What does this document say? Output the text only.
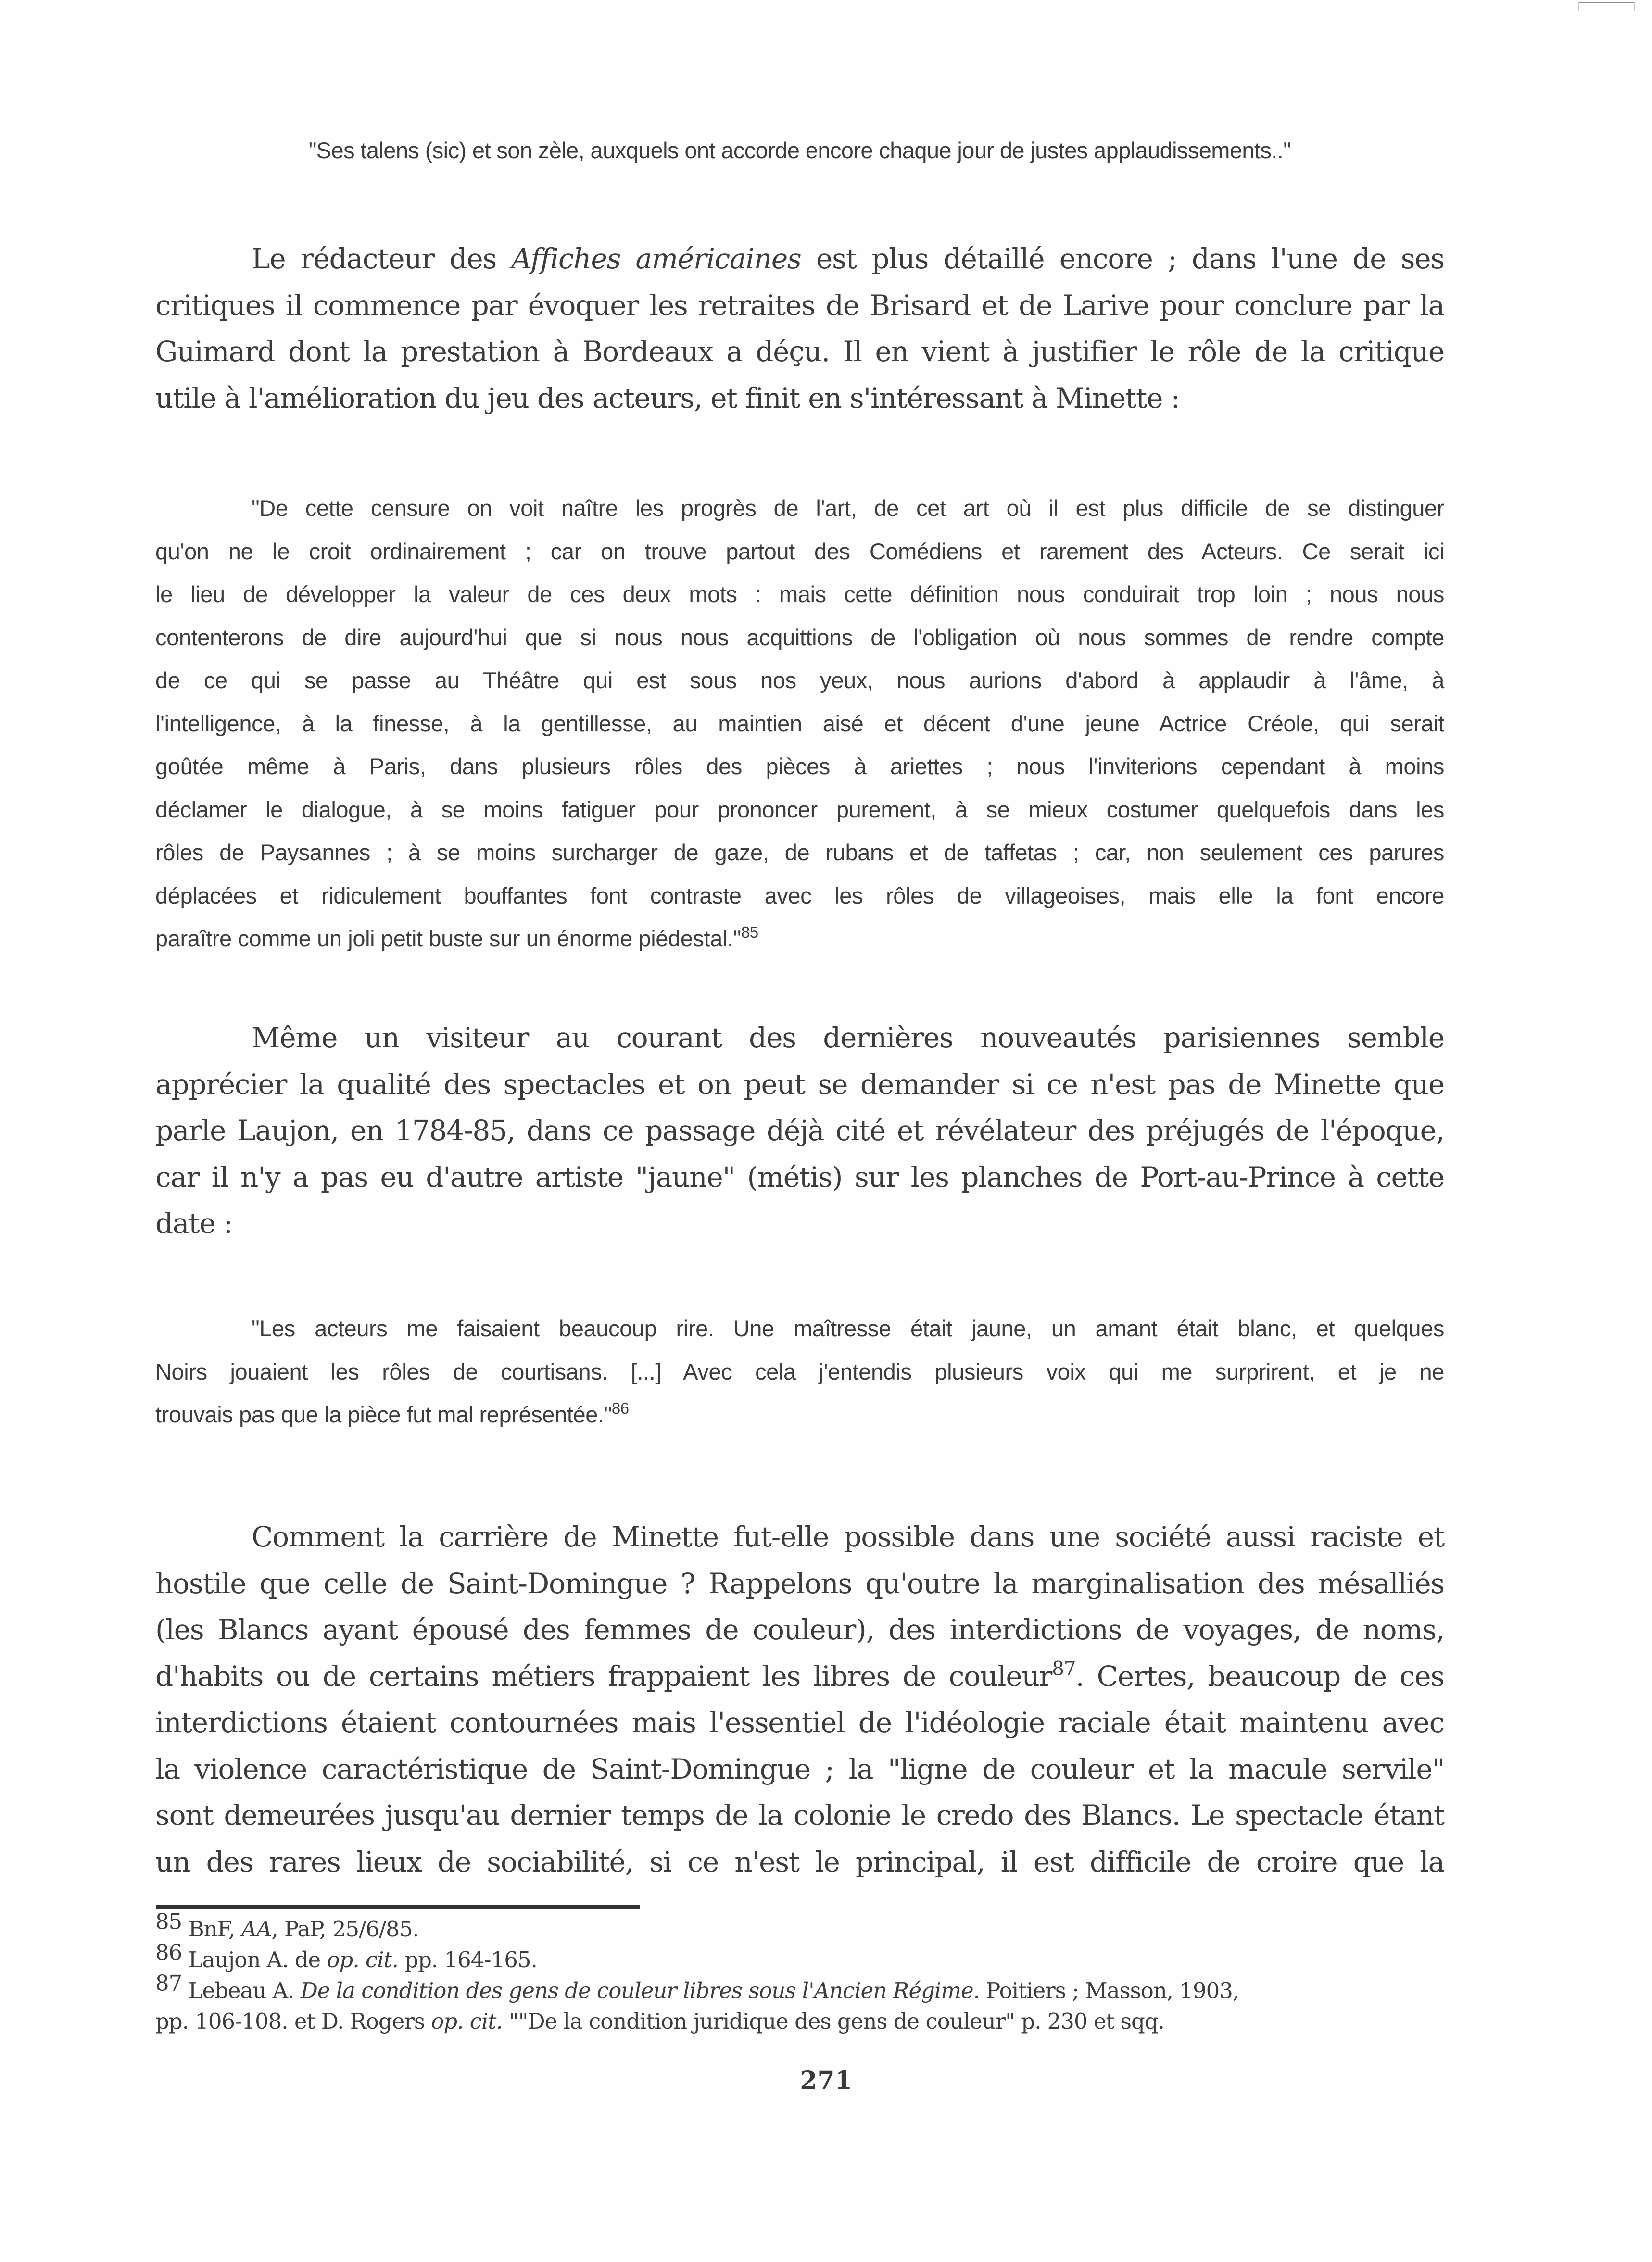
"Ses talens (sic) et son zèle, auxquels ont accorde encore chaque jour de justes applaudissements.."
Le rédacteur des Affiches américaines est plus détaillé encore ; dans l'une de ses
critiques il commence par évoquer les retraites de Brisard et de Larive pour conclure par la
Guimard dont la prestation à Bordeaux a déçu. Il en vient à justifier le rôle de la critique
utile à l'amélioration du jeu des acteurs, et finit en s'intéressant à Minette :
"De cette censure on voit naître les progrès de l'art, de cet art où il est plus difficile de se distinguer
qu'on ne le croit ordinairement ; car on trouve partout des Comédiens et rarement des Acteurs. Ce serait ici
le lieu de développer la valeur de ces deux mots : mais cette définition nous conduirait trop loin ; nous nous
contenterons de dire aujourd'hui que si nous nous acquittions de l'obligation où nous sommes de rendre compte
de ce qui se passe au Théâtre qui est sous nos yeux, nous aurions d'abord à applaudir à l'âme, à
l'intelligence, à la finesse, à la gentillesse, au maintien aisé et décent d'une jeune Actrice Créole, qui serait
goûtée même à Paris, dans plusieurs rôles des pièces à ariettes ; nous l'inviterions cependant à moins
déclamer le dialogue, à se moins fatiguer pour prononcer purement, à se mieux costumer quelquefois dans les
rôles de Paysannes ; à se moins surcharger de gaze, de rubans et de taffetas ; car, non seulement ces parures
déplacées et ridiculement bouffantes font contraste avec les rôles de villageoises, mais elle la font encore
paraître comme un joli petit buste sur un énorme piédestal."$^{85}$
Même un visiteur au courant des dernières nouveautés parisiennes semble
apprécier la qualité des spectacles et on peut se demander si ce n'est pas de Minette que
parle Laujon, en 1784-85, dans ce passage déjà cité et révélateur des préjugés de l'époque,
car il n'y a pas eu d'autre artiste "jaune" (métis) sur les planches de Port-au-Prince à cette
date :
"Les acteurs me faisaient beaucoup rire. Une maîtresse était jaune, un amant était blanc, et quelques
Noirs jouaient les rôles de courtisans. [...] Avec cela j'entendis plusieurs voix qui me surprirent, et je ne
trouvais pas que la pièce fut mal représentée."$^{86}$
Comment la carrière de Minette fut-elle possible dans une société aussi raciste et
hostile que celle de Saint-Domingue ? Rappelons qu'outre la marginalisation des mésalliés
(les Blancs ayant épousé des femmes de couleur), des interdictions de voyages, de noms,
d'habits ou de certains métiers frappaient les libres de couleur$^{87}$. Certes, beaucoup de ces
interdictions étaient contournées mais l'essentiel de l'idéologie raciale était maintenu avec
la violence caractéristique de Saint-Domingue ; la "ligne de couleur et la macule servile"
sont demeurées jusqu'au dernier temps de la colonie le credo des Blancs. Le spectacle étant
un des rares lieux de sociabilité, si ce n'est le principal, il est difficile de croire que la
85 BnF, AA, PaP, 25/6/85.
86 Laujon A. de op. cit. pp. 164-165.
87 Lebeau A. De la condition des gens de couleur libres sous l'Ancien Régime. Poitiers ; Masson, 1903,
pp. 106-108. et D. Rogers op. cit. ""De la condition juridique des gens de couleur" p. 230 et sqq.
271
